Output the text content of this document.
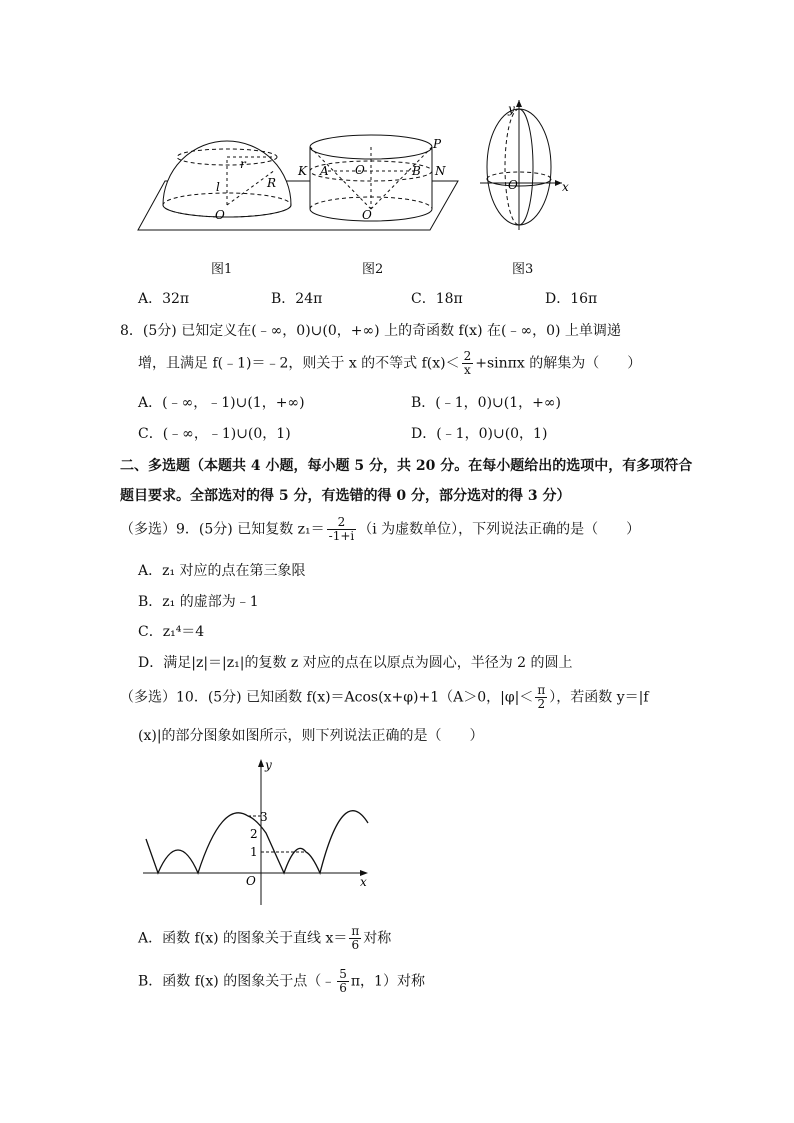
r
l	R
O
P
K A O	B N
O
y
x
O
图1	图2	图3
A．32π	B．24π	C．18π	D．16π
8．(5分) 已知定义在(﹣∞，0)∪(0，+∞) 上的奇函数 f(x) 在(﹣∞，0) 上单调递
增，且满足 f(﹣1)＝﹣2，则关于 x 的不等式 $f(x)< \frac{2}{x} +\sin\pi x$ 的解集为（　　）
A．(﹣∞，﹣1)∪(1，+∞)	B．(﹣1，0)∪(1，+∞)
C．(﹣∞，﹣1)∪(0，1)	D．(﹣1，0)∪(0，1)
二、多选题（本题共 4 小题，每小题 5 分，共 20 分。在每小题给出的选项中，有多项符合
题目要求。全部选对的得 5 分，有选错的得 0 分，部分选对的得 3 分）
（多选）9．(5分) 已知复数 $z_1= \frac{2}{-1+i} (i$ 为虚数单位），下列说法正确的是（　　）
A．z₁ 对应的点在第三象限
B．z₁ 的虚部为﹣1
C．z₁⁴＝4
D．满足|z|＝|z₁|的复数 z 对应的点在以原点为圆心，半径为 2 的圆上
（多选）10．(5分) 已知函数 f(x)＝Acos(x+φ)+1（A＞0，$|\varphi|< \frac{\pi}{2}$ ），若函数 y＝|f
(x)|的部分图象如图所示，则下列说法正确的是（　　）
y
x
O
3
2
1
A．函数 f(x) 的图象关于直线 $x= \frac{\pi}{6}$ 对称
B．函数 f(x) 的图象关于点（﹣ $\frac{5}{6}$ π，1）对称
